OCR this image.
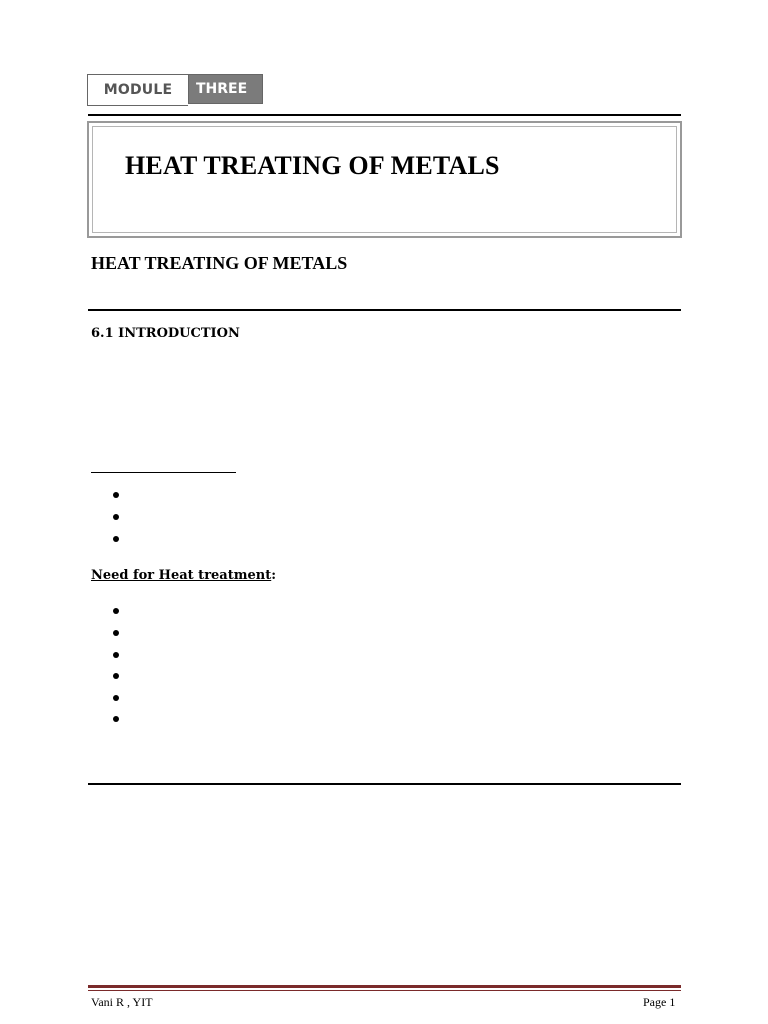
MODULE	THREE
HEAT TREATING OF METALS
HEAT TREATING OF METALS
6.1 INTRODUCTION
Need for Heat treatment:
Vani R , YIT	Page 1
